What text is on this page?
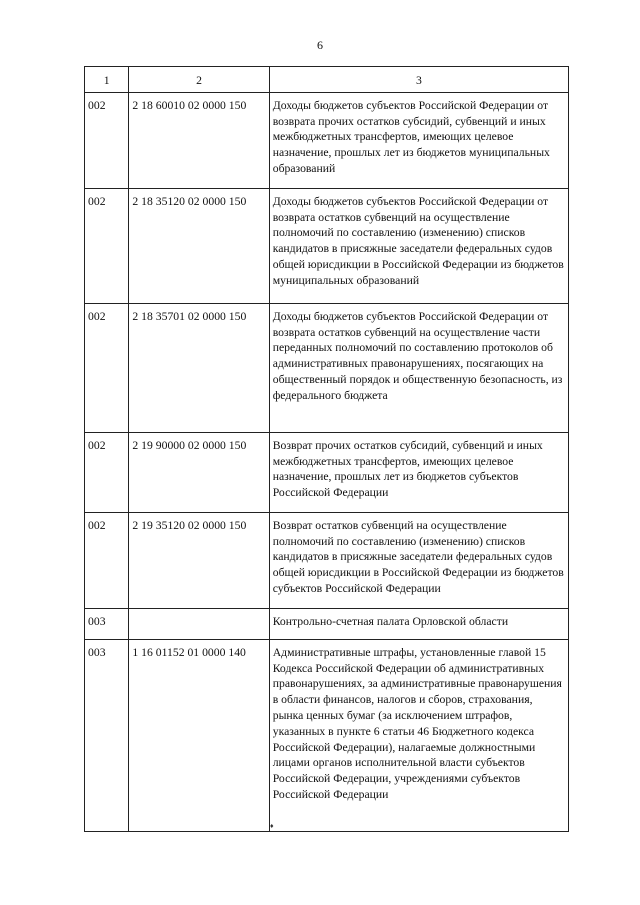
6
1	2	3
002	2 18 60010 02 0000 150	Доходы бюджетов субъектов Российской Федерации от возврата прочих остатков субсидий, субвенций и иных межбюджетных трансфертов, имеющих целевое назначение, прошлых лет из бюджетов муниципальных образований
002	2 18 35120 02 0000 150	Доходы бюджетов субъектов Российской Федерации от возврата остатков субвенций на осуществление полномочий по составлению (изменению) списков кандидатов в присяжные заседатели федеральных судов общей юрисдикции в Российской Федерации из бюджетов муниципальных образований
002	2 18 35701 02 0000 150	Доходы бюджетов субъектов Российской Федерации от возврата остатков субвенций на осуществление части переданных полномочий по составлению протоколов об административных правонарушениях, посягающих на общественный порядок и общественную безопасность, из федерального бюджета
002	2 19 90000 02 0000 150	Возврат прочих остатков субсидий, субвенций и иных межбюджетных трансфертов, имеющих целевое назначение, прошлых лет из бюджетов субъектов Российской Федерации
002	2 19 35120 02 0000 150	Возврат остатков субвенций на осуществление полномочий по составлению (изменению) списков кандидатов в присяжные заседатели федеральных судов общей юрисдикции в Российской Федерации из бюджетов субъектов Российской Федерации
003		Контрольно-счетная палата Орловской области
003	1 16 01152 01 0000 140	Административные штрафы, установленные главой 15 Кодекса Российской Федерации об административных правонарушениях, за административные правонарушения в области финансов, налогов и сборов, страхования, рынка ценных бумаг (за исключением штрафов, указанных в пункте 6 статьи 46 Бюджетного кодекса Российской Федерации), налагаемые должностными лицами органов исполнительной власти субъектов Российской Федерации, учреждениями субъектов Российской Федерации
♦
